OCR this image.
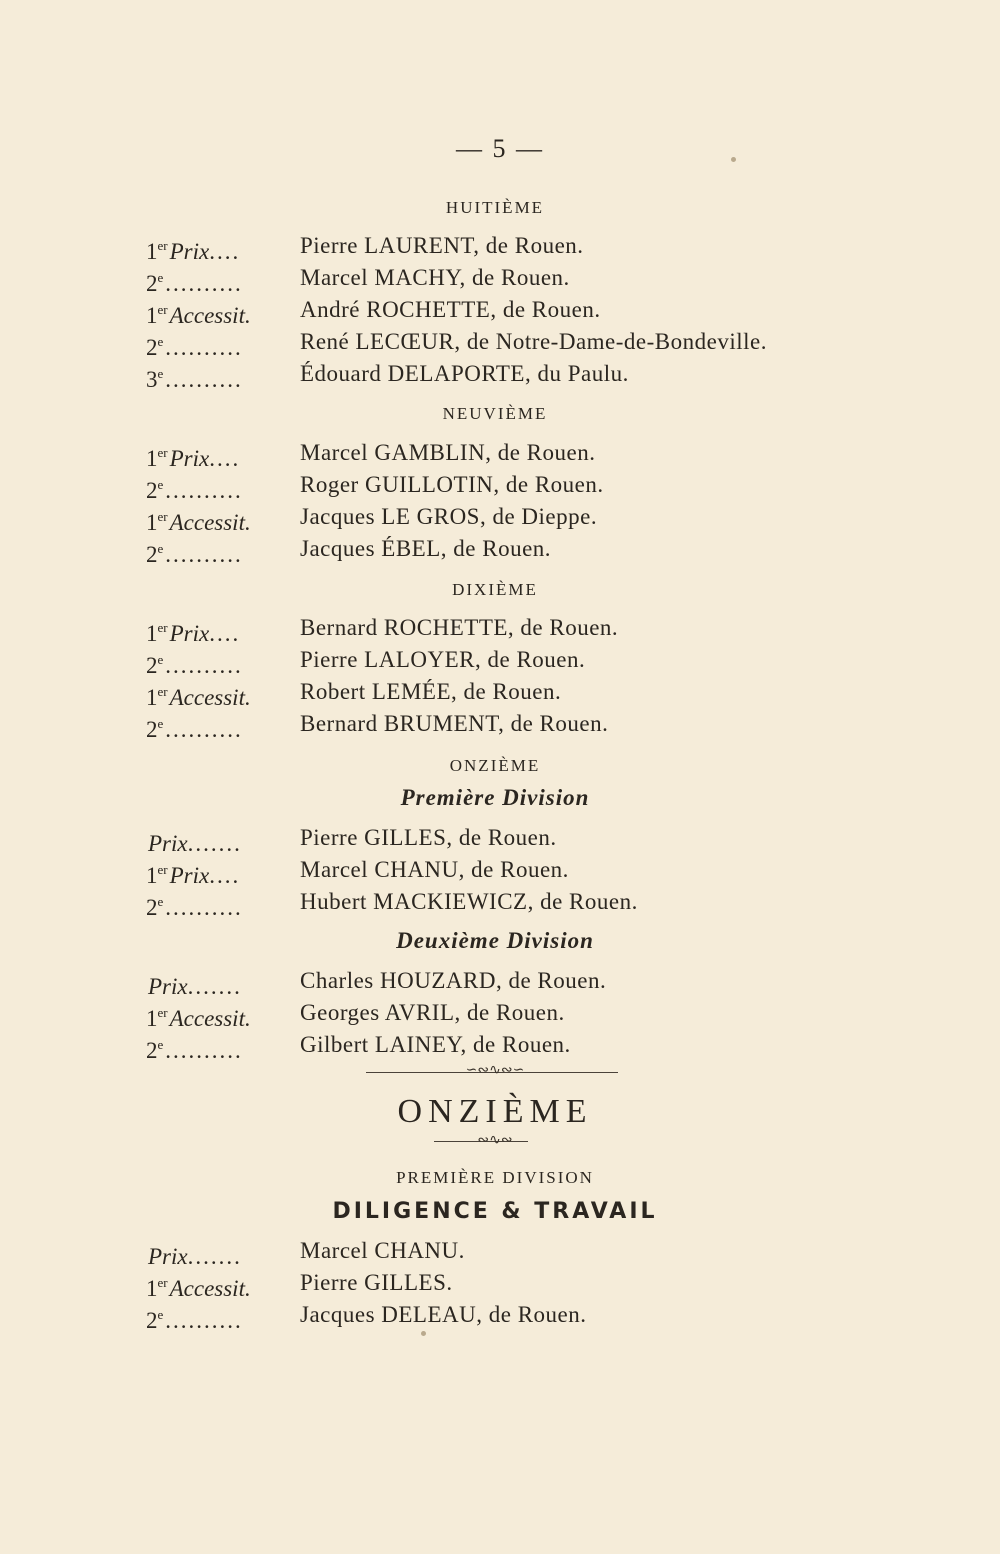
— 5 —
HUITIÈME
1erPrix....	Pierre LAURENT, de Rouen.
2e..........	Marcel MACHY, de Rouen.
1erAccessit.	André ROCHETTE, de Rouen.
2e..........	René LECŒUR, de Notre-Dame-de-Bondeville.
3e..........	Édouard DELAPORTE, du Paulu.
NEUVIÈME
1erPrix....	Marcel GAMBLIN, de Rouen.
2e..........	Roger GUILLOTIN, de Rouen.
1erAccessit.	Jacques LE GROS, de Dieppe.
2e..........	Jacques ÉBEL, de Rouen.
DIXIÈME
1erPrix....	Bernard ROCHETTE, de Rouen.
2e..........	Pierre LALOYER, de Rouen.
1erAccessit.	Robert LEMÉE, de Rouen.
2e..........	Bernard BRUMENT, de Rouen.
ONZIÈME
Première Division
Prix.......	Pierre GILLES, de Rouen.
1erPrix....	Marcel CHANU, de Rouen.
2e..........	Hubert MACKIEWICZ, de Rouen.
Deuxième Division
Prix.......	Charles HOUZARD, de Rouen.
1erAccessit.	Georges AVRIL, de Rouen.
2e..........	Gilbert LAINEY, de Rouen.
∽∾∿∾∽
ONZIÈME
∾∿∾
PREMIÈRE DIVISION
DILIGENCE & TRAVAIL
Prix.......	Marcel CHANU.
1erAccessit.	Pierre GILLES.
2e..........	Jacques DELEAU, de Rouen.
